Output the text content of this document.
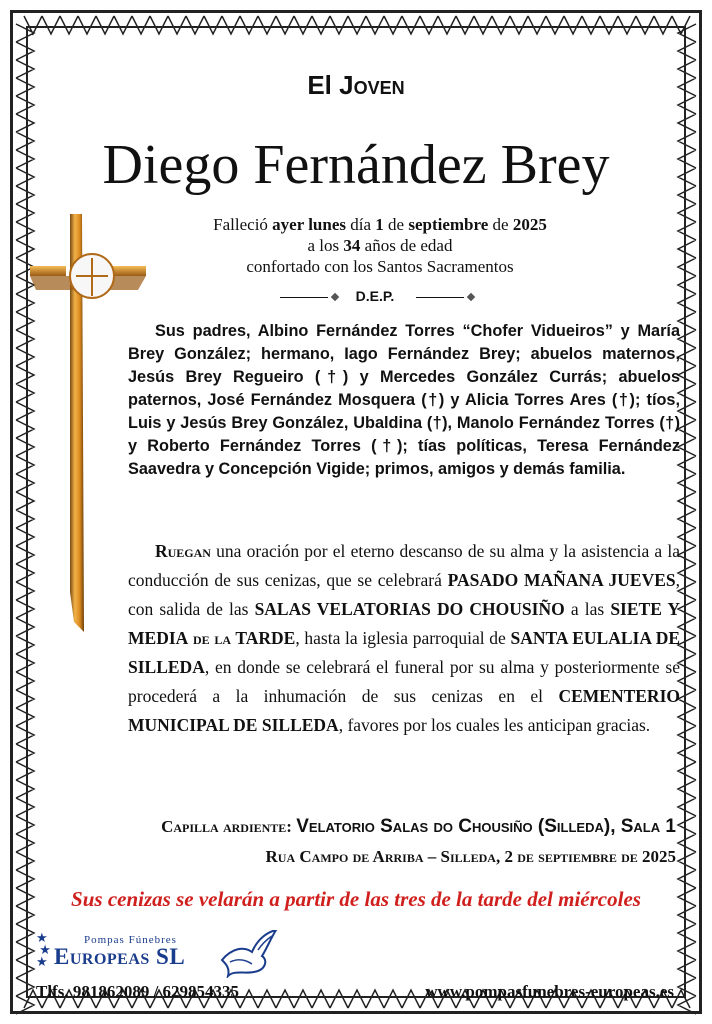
El Joven
Diego Fernández Brey
Falleció ayer lunes día 1 de septiembre de 2025
a los 34 años de edad
confortado con los Santos Sacramentos
D.E.P.
Sus padres, Albino Fernández Torres “Chofer Vidueiros” y María Brey González; hermano, Iago Fernández Brey; abuelos maternos, Jesús Brey Regueiro (†) y Mercedes González Currás; abuelos paternos, José Fernández Mosquera (†) y Alicia Torres Ares (†); tíos, Luis y Jesús Brey González, Ubaldina (†), Manolo Fernández Torres (†) y Roberto Fernández Torres (†); tías políticas, Teresa Fernández Saavedra y Concepción Vigide; primos, amigos y demás familia.
Ruegan una oración por el eterno descanso de su alma y la asistencia a la conducción de sus cenizas, que se celebrará PASADO MAÑANA JUEVES, con salida de las SALAS VELATORIAS DO CHOUSIÑO a las SIETE Y MEDIA de la TARDE, hasta la iglesia parroquial de SANTA EULALIA DE SILLEDA, en donde se celebrará el funeral por su alma y posteriormente se procederá a la inhumación de sus cenizas en el CEMENTERIO MUNICIPAL DE SILLEDA, favores por los cuales les anticipan gracias.
Capilla ardiente: Velatorio Salas do Chousiño (Silleda), Sala 1
Rua Campo de Arriba – Silleda, 2 de septiembre de 2025
Sus cenizas se velarán a partir de las tres de la tarde del miércoles
★
★
★
Pompas Fúnebres
Europeas SL
Tlfs. 981862089 / 629854335	www.pompasfunebres-europeas.es
